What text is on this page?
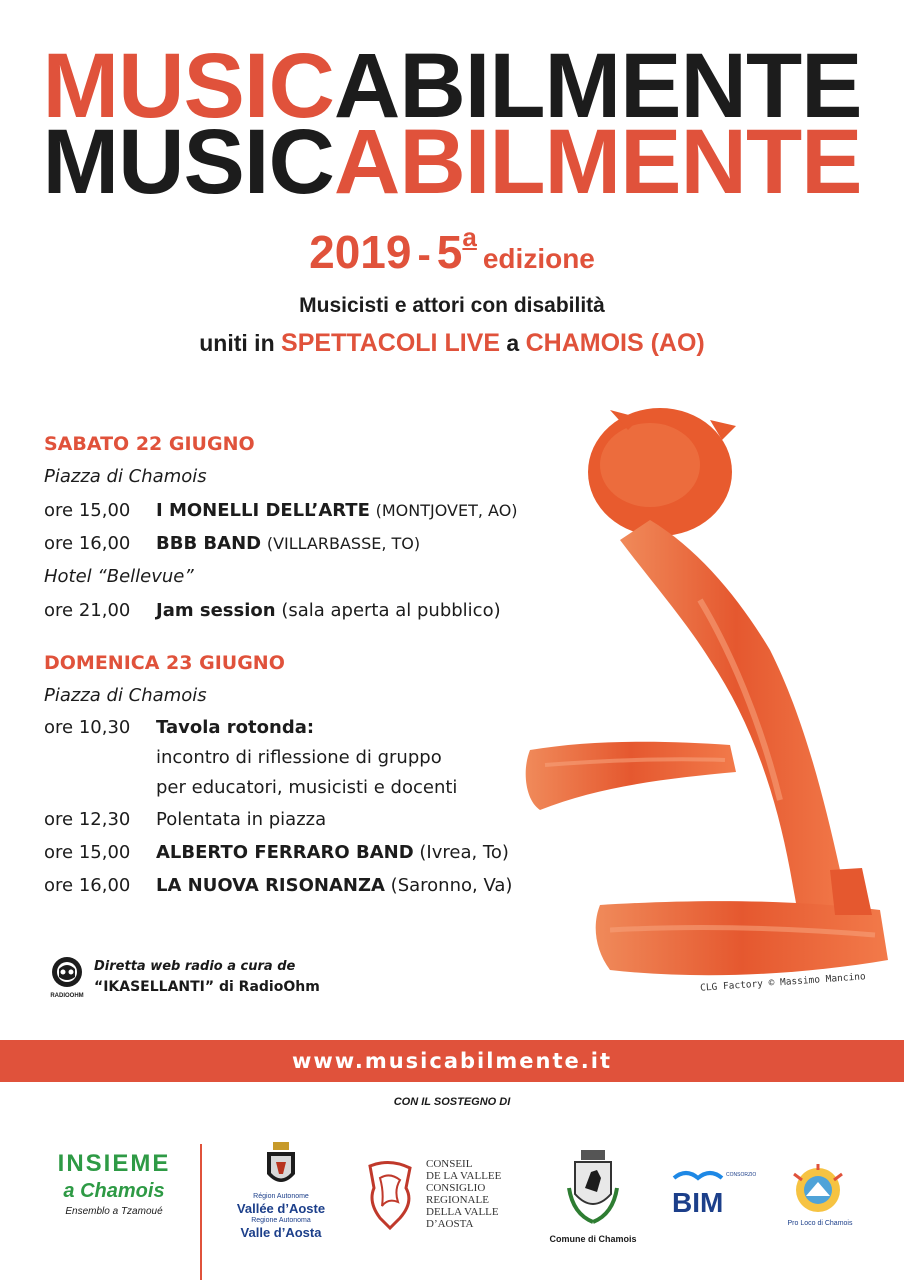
MUSICABILMENTE
MUSICABILMENTE
2019 - 5aedizione
Musicisti e attori con disabilità
uniti in SPETTACOLI LIVE a CHAMOIS (AO)
CLG Factory © Massimo Mancino
SABATO 22 GIUGNO
Piazza di Chamois
ore 15,00	I MONELLI DELL’ARTE (MONTJOVET, AO)
ore 16,00	BBB BAND (VILLARBASSE, TO)
Hotel “Bellevue”
ore 21,00	Jam session (sala aperta al pubblico)
DOMENICA 23 GIUGNO
Piazza di Chamois
ore 10,30	Tavola rotonda:
incontro di riflessione di gruppo
per educatori, musicisti e docenti
ore 12,30	Polentata in piazza
ore 15,00	ALBERTO FERRARO BAND (Ivrea, To)
ore 16,00	LA NUOVA RISONANZA (Saronno, Va)
RADIOOHM
Diretta web radio a cura de
“IKASELLANTI” di RadioOhm
www.musicabilmente.it
CON IL SOSTEGNO DI
INSIEME
a Chamois
Ensemblo a Tzamoué
Région Autonome
Vallée d’Aoste
Regione Autonoma
Valle d’Aosta
CONSEIL
DE LA VALLEE
CONSIGLIO
REGIONALE
DELLA VALLE
D’AOSTA
Comune di Chamois
CONSORZIO
BIM
Pro Loco di Chamois
